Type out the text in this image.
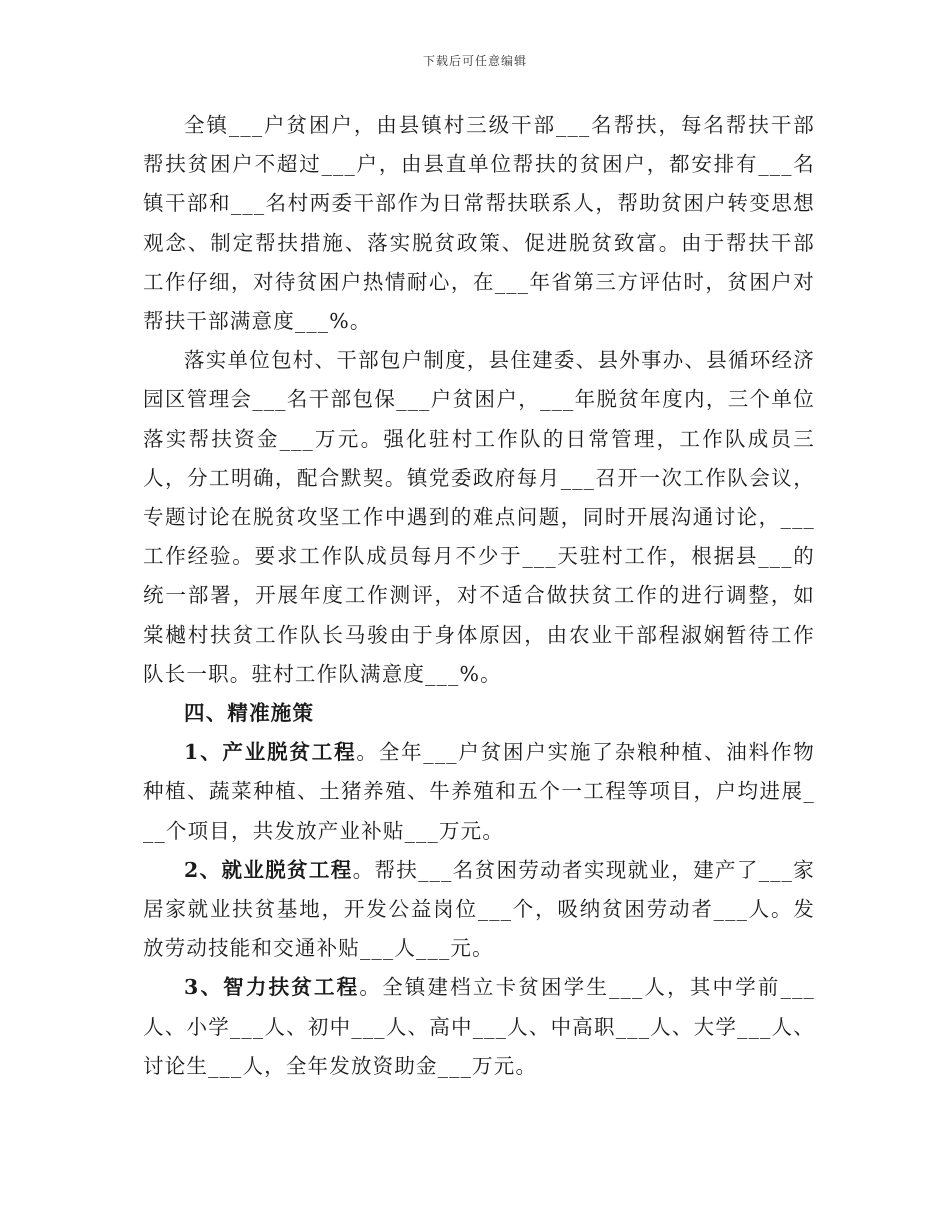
下载后可任意编辑

全镇___户贫困户，由县镇村三级干部___名帮扶，每名帮扶干部帮扶贫困户不超过___户，由县直单位帮扶的贫困户，都安排有___名镇干部和___名村两委干部作为日常帮扶联系人，帮助贫困户转变思想观念、制定帮扶措施、落实脱贫政策、促进脱贫致富。由于帮扶干部工作仔细，对待贫困户热情耐心，在___年省第三方评估时，贫困户对帮扶干部满意度___%。

落实单位包村、干部包户制度，县住建委、县外事办、县循环经济园区管理会___名干部包保___户贫困户，___年脱贫年度内，三个单位落实帮扶资金___万元。强化驻村工作队的日常管理，工作队成员三人，分工明确，配合默契。镇党委政府每月___召开一次工作队会议，专题讨论在脱贫攻坚工作中遇到的难点问题，同时开展沟通讨论，___工作经验。要求工作队成员每月不少于___天驻村工作，根据县___的统一部署，开展年度工作测评，对不适合做扶贫工作的进行调整，如棠樾村扶贫工作队长马骏由于身体原因，由农业干部程淑娴暂待工作队长一职。驻村工作队满意度___%。

四、精准施策

1、产业脱贫工程。全年___户贫困户实施了杂粮种植、油料作物种植、蔬菜种植、土猪养殖、牛养殖和五个一工程等项目，户均进展___个项目，共发放产业补贴___万元。

2、就业脱贫工程。帮扶___名贫困劳动者实现就业，建产了___家居家就业扶贫基地，开发公益岗位___个，吸纳贫困劳动者___人。发放劳动技能和交通补贴___人___元。

3、智力扶贫工程。全镇建档立卡贫困学生___人，其中学前___人、小学___人、初中___人、高中___人、中高职___人、大学___人、讨论生___人，全年发放资助金___万元。
